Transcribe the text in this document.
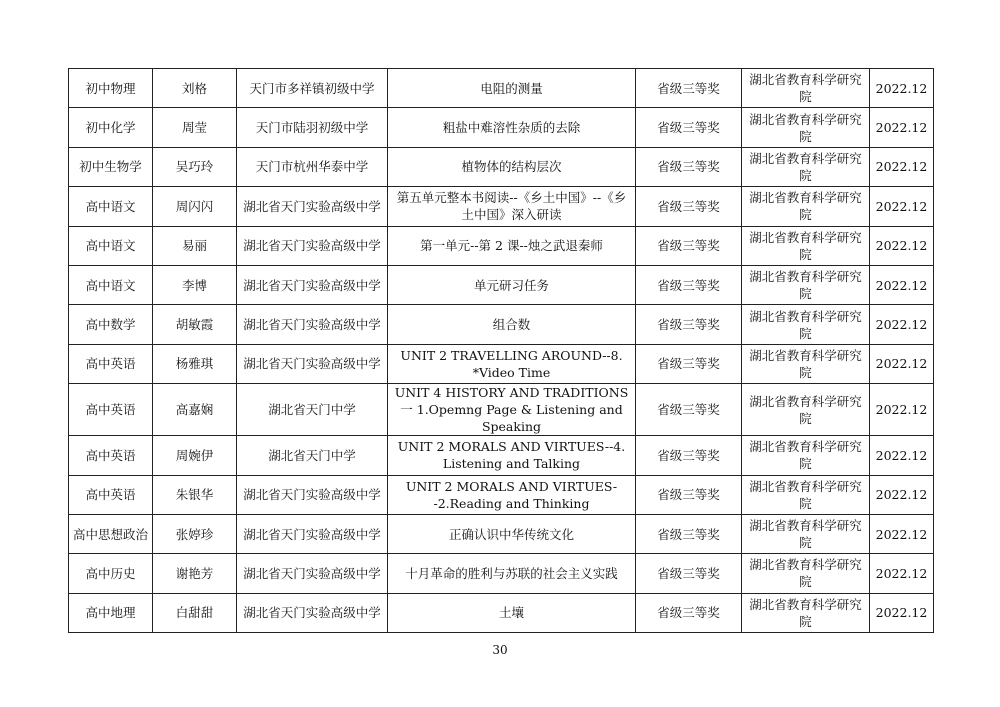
初中物理	刘格	天门市多祥镇初级中学	电阻的测量	省级三等奖	湖北省教育科学研究院	2022.12
初中化学	周莹	天门市陆羽初级中学	粗盐中难溶性杂质的去除	省级三等奖	湖北省教育科学研究院	2022.12
初中生物学	吴巧玲	天门市杭州华泰中学	植物体的结构层次	省级三等奖	湖北省教育科学研究院	2022.12
高中语文	周闪闪	湖北省天门实验高级中学	第五单元整本书阅读--《乡土中国》--《乡土中国》深入研读	省级三等奖	湖北省教育科学研究院	2022.12
高中语文	易丽	湖北省天门实验高级中学	第一单元--第 2 课--烛之武退秦师	省级三等奖	湖北省教育科学研究院	2022.12
高中语文	李博	湖北省天门实验高级中学	单元研习任务	省级三等奖	湖北省教育科学研究院	2022.12
高中数学	胡敏霞	湖北省天门实验高级中学	组合数	省级三等奖	湖北省教育科学研究院	2022.12
高中英语	杨雅琪	湖北省天门实验高级中学	UNIT 2 TRAVELLING AROUND--8. *Video Time	省级三等奖	湖北省教育科学研究院	2022.12
高中英语	高嘉娴	湖北省天门中学	UNIT 4 HISTORY AND TRADITIONS 一 1.Opemng Page & Listening and Speaking	省级三等奖	湖北省教育科学研究院	2022.12
高中英语	周婉伊	湖北省天门中学	UNIT 2 MORALS AND VIRTUES--4. Listening and Talking	省级三等奖	湖北省教育科学研究院	2022.12
高中英语	朱银华	湖北省天门实验高级中学	UNIT 2 MORALS AND VIRTUES--2.Reading and Thinking	省级三等奖	湖北省教育科学研究院	2022.12
高中思想政治	张婷珍	湖北省天门实验高级中学	正确认识中华传统文化	省级三等奖	湖北省教育科学研究院	2022.12
高中历史	谢艳芳	湖北省天门实验高级中学	十月革命的胜利与苏联的社会主义实践	省级三等奖	湖北省教育科学研究院	2022.12
高中地理	白甜甜	湖北省天门实验高级中学	土壤	省级三等奖	湖北省教育科学研究院	2022.12
30
